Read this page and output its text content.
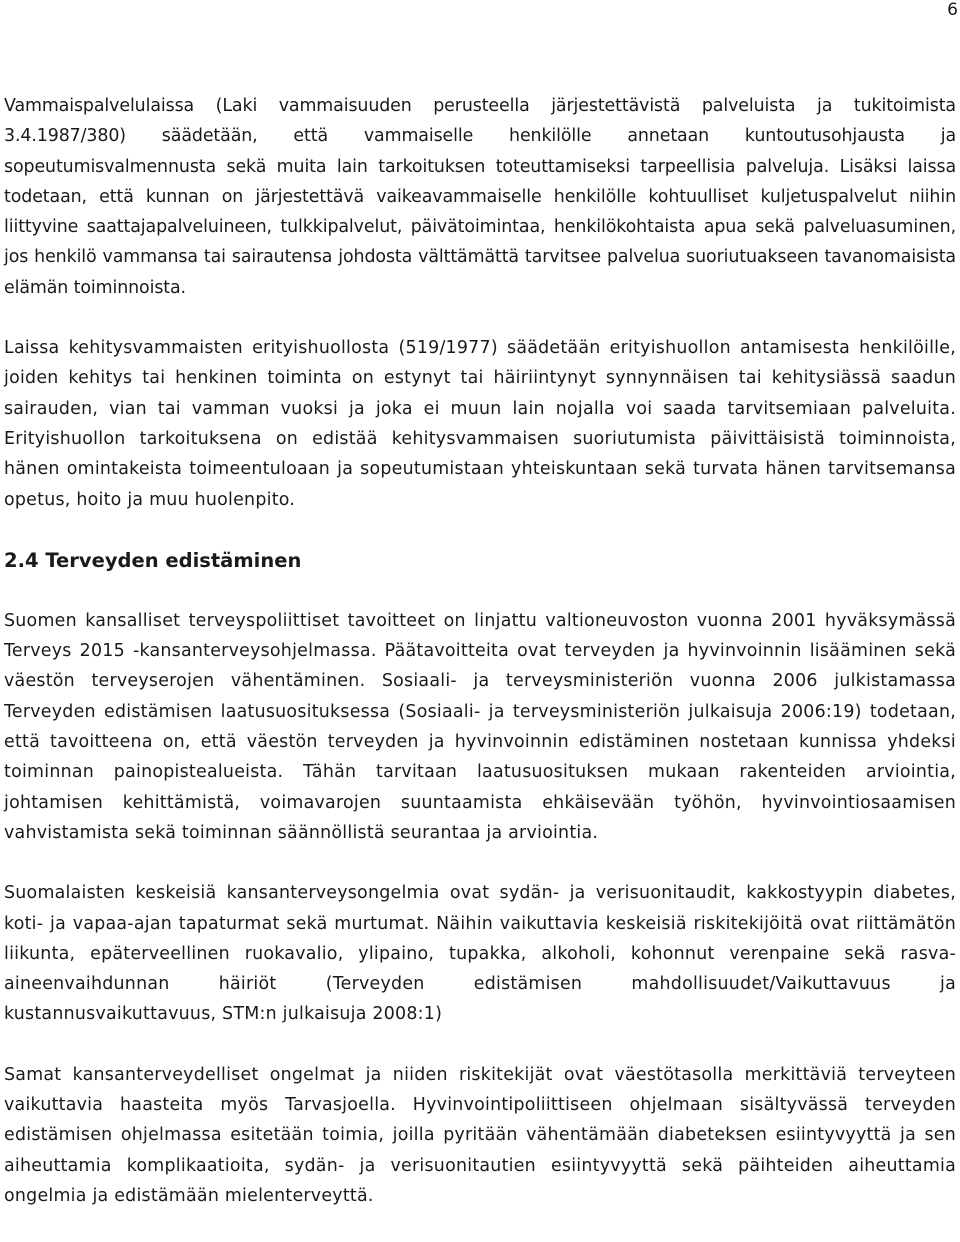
6

Vammaispalvelulaissa (Laki vammaisuuden perusteella järjestettävistä palveluista ja tukitoimista 3.4.1987/380) säädetään, että vammaiselle henkilölle annetaan kuntoutusohjausta ja sopeutumisvalmennusta sekä muita lain tarkoituksen toteuttamiseksi tarpeellisia palveluja. Lisäksi laissa todetaan, että kunnan on järjestettävä vaikeavammaiselle henkilölle kohtuulliset kuljetuspalvelut niihin liittyvine saattajapalveluineen, tulkkipalvelut, päivätoimintaa, henkilökohtaista apua sekä palveluasuminen, jos henkilö vammansa tai sairautensa johdosta välttämättä tarvitsee palvelua suoriutuakseen tavanomaisista elämän toiminnoista.

Laissa kehitysvammaisten erityishuollosta (519/1977) säädetään erityishuollon antamisesta henkilöille, joiden kehitys tai henkinen toiminta on estynyt tai häiriintynyt synnynnäisen tai kehitysiässä saadun sairauden, vian tai vamman vuoksi ja joka ei muun lain nojalla voi saada tarvitsemiaan palveluita. Erityishuollon tarkoituksena on edistää kehitysvammaisen suoriutumista päivittäisistä toiminnoista, hänen omintakeista toimeentuloaan ja sopeutumistaan yhteiskuntaan sekä turvata hänen tarvitsemansa opetus, hoito ja muu huolenpito.

2.4 Terveyden edistäminen

Suomen kansalliset terveyspoliittiset tavoitteet on linjattu valtioneuvoston vuonna 2001 hyväksymässä Terveys 2015 -kansanterveysohjelmassa. Päätavoitteita ovat terveyden ja hyvinvoinnin lisääminen sekä väestön terveyserojen vähentäminen. Sosiaali- ja terveysministeriön vuonna 2006 julkistamassa Terveyden edistämisen laatusuosituksessa (Sosiaali- ja terveysministeriön julkaisuja 2006:19) todetaan, että tavoitteena on, että väestön terveyden ja hyvinvoinnin edistäminen nostetaan kunnissa yhdeksi toiminnan painopistealueista. Tähän tarvitaan laatusuosituksen mukaan rakenteiden arviointia, johtamisen kehittämistä, voimavarojen suuntaamista ehkäisevään työhön, hyvinvointiosaamisen vahvistamista sekä toiminnan säännöllistä seurantaa ja arviointia.

Suomalaisten keskeisiä kansanterveysongelmia ovat sydän- ja verisuonitaudit, kakkostyypin diabetes, koti- ja vapaa-ajan tapaturmat sekä murtumat. Näihin vaikuttavia keskeisiä riskitekijöitä ovat riittämätön liikunta, epäterveellinen ruokavalio, ylipaino, tupakka, alkoholi, kohonnut verenpaine sekä rasva-aineenvaihdunnan häiriöt (Terveyden edistämisen mahdollisuudet/Vaikuttavuus ja kustannusvaikuttavuus, STM:n julkaisuja 2008:1)

Samat kansanterveydelliset ongelmat ja niiden riskitekijät ovat väestötasolla merkittäviä terveyteen vaikuttavia haasteita myös Tarvasjoella. Hyvinvointipoliittiseen ohjelmaan sisältyvässä terveyden edistämisen ohjelmassa esitetään toimia, joilla pyritään vähentämään diabeteksen esiintyvyyttä ja sen aiheuttamia komplikaatioita, sydän- ja verisuonitautien esiintyvyyttä sekä päihteiden aiheuttamia ongelmia ja edistämään mielenterveyttä.
